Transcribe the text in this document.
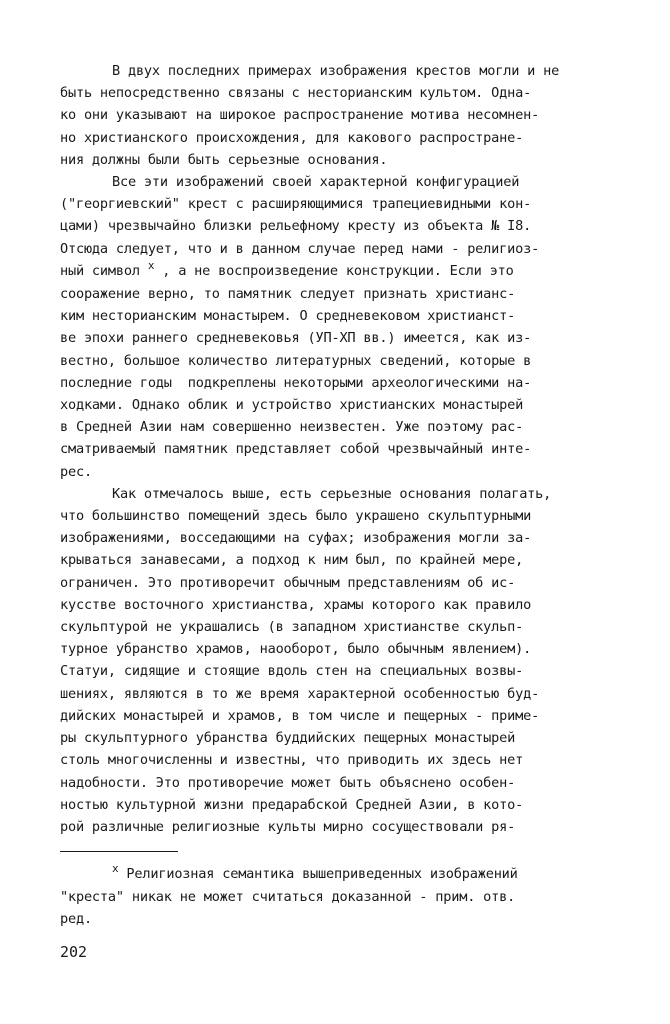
В двух последних примерах изображения крестов могли и не
быть непосредственно связаны с несторианским культом. Одна-
ко они указывают на широкое распространение мотива несомнен-
но христианского происхождения, для какового распростране-
ния должны были быть серьезные основания.
Все эти изображений своей характерной конфигурацией
("георгиевский" крест с расширяющимися трапециевидными кон-
цами) чрезвычайно близки рельефному кресту из объекта № I8.
Отсюда следует, что и в данном случае перед нами - религиоз-
ный символ $^x$ , а не воспроизведение конструкции. Если это
сооражение верно, то памятник следует признать христианс-
ким несторианским монастырем. О средневековом христианст-
ве эпохи раннего средневековья (УП-ХП вв.) имеется, как из-
вестно, большое количество литературных сведений, которые в
последние годы  подкреплены некоторыми археологическими на-
ходками. Однако облик и устройство христианских монастырей
в Средней Азии нам совершенно неизвестен. Уже поэтому рас-
сматриваемый памятник представляет собой чрезвычайный инте-
рес.
Как отмечалось выше, есть серьезные основания полагать,
что большинство помещений здесь было украшено скульптурными
изображениями, восседающими на суфах; изображения могли за-
крываться занавесами, а подход к ним был, по крайней мере,
ограничен. Это противоречит обычным представлениям об ис-
кусстве восточного христианства, храмы которого как правило
скульптурой не украшались (в западном христианстве скульп-
турное убранство храмов, наооборот, было обычным явлением).
Статуи, сидящие и стоящие вдоль стен на специальных возвы-
шениях, являются в то же время характерной особенностью буд-
дийских монастырей и храмов, в том числе и пещерных - приме-
ры скульптурного убранства буддийских пещерных монастырей
столь многочисленны и известны, что приводить их здесь нет
надобности. Это противоречие может быть объяснено особен-
ностью культурной жизни предарабской Средней Азии, в кото-
рой различные религиозные культы мирно сосуществовали ря-
$^x$ Религиозная семантика вышеприведенных изображений
"креста" никак не может считаться доказанной - прим. отв.
ред.
202
